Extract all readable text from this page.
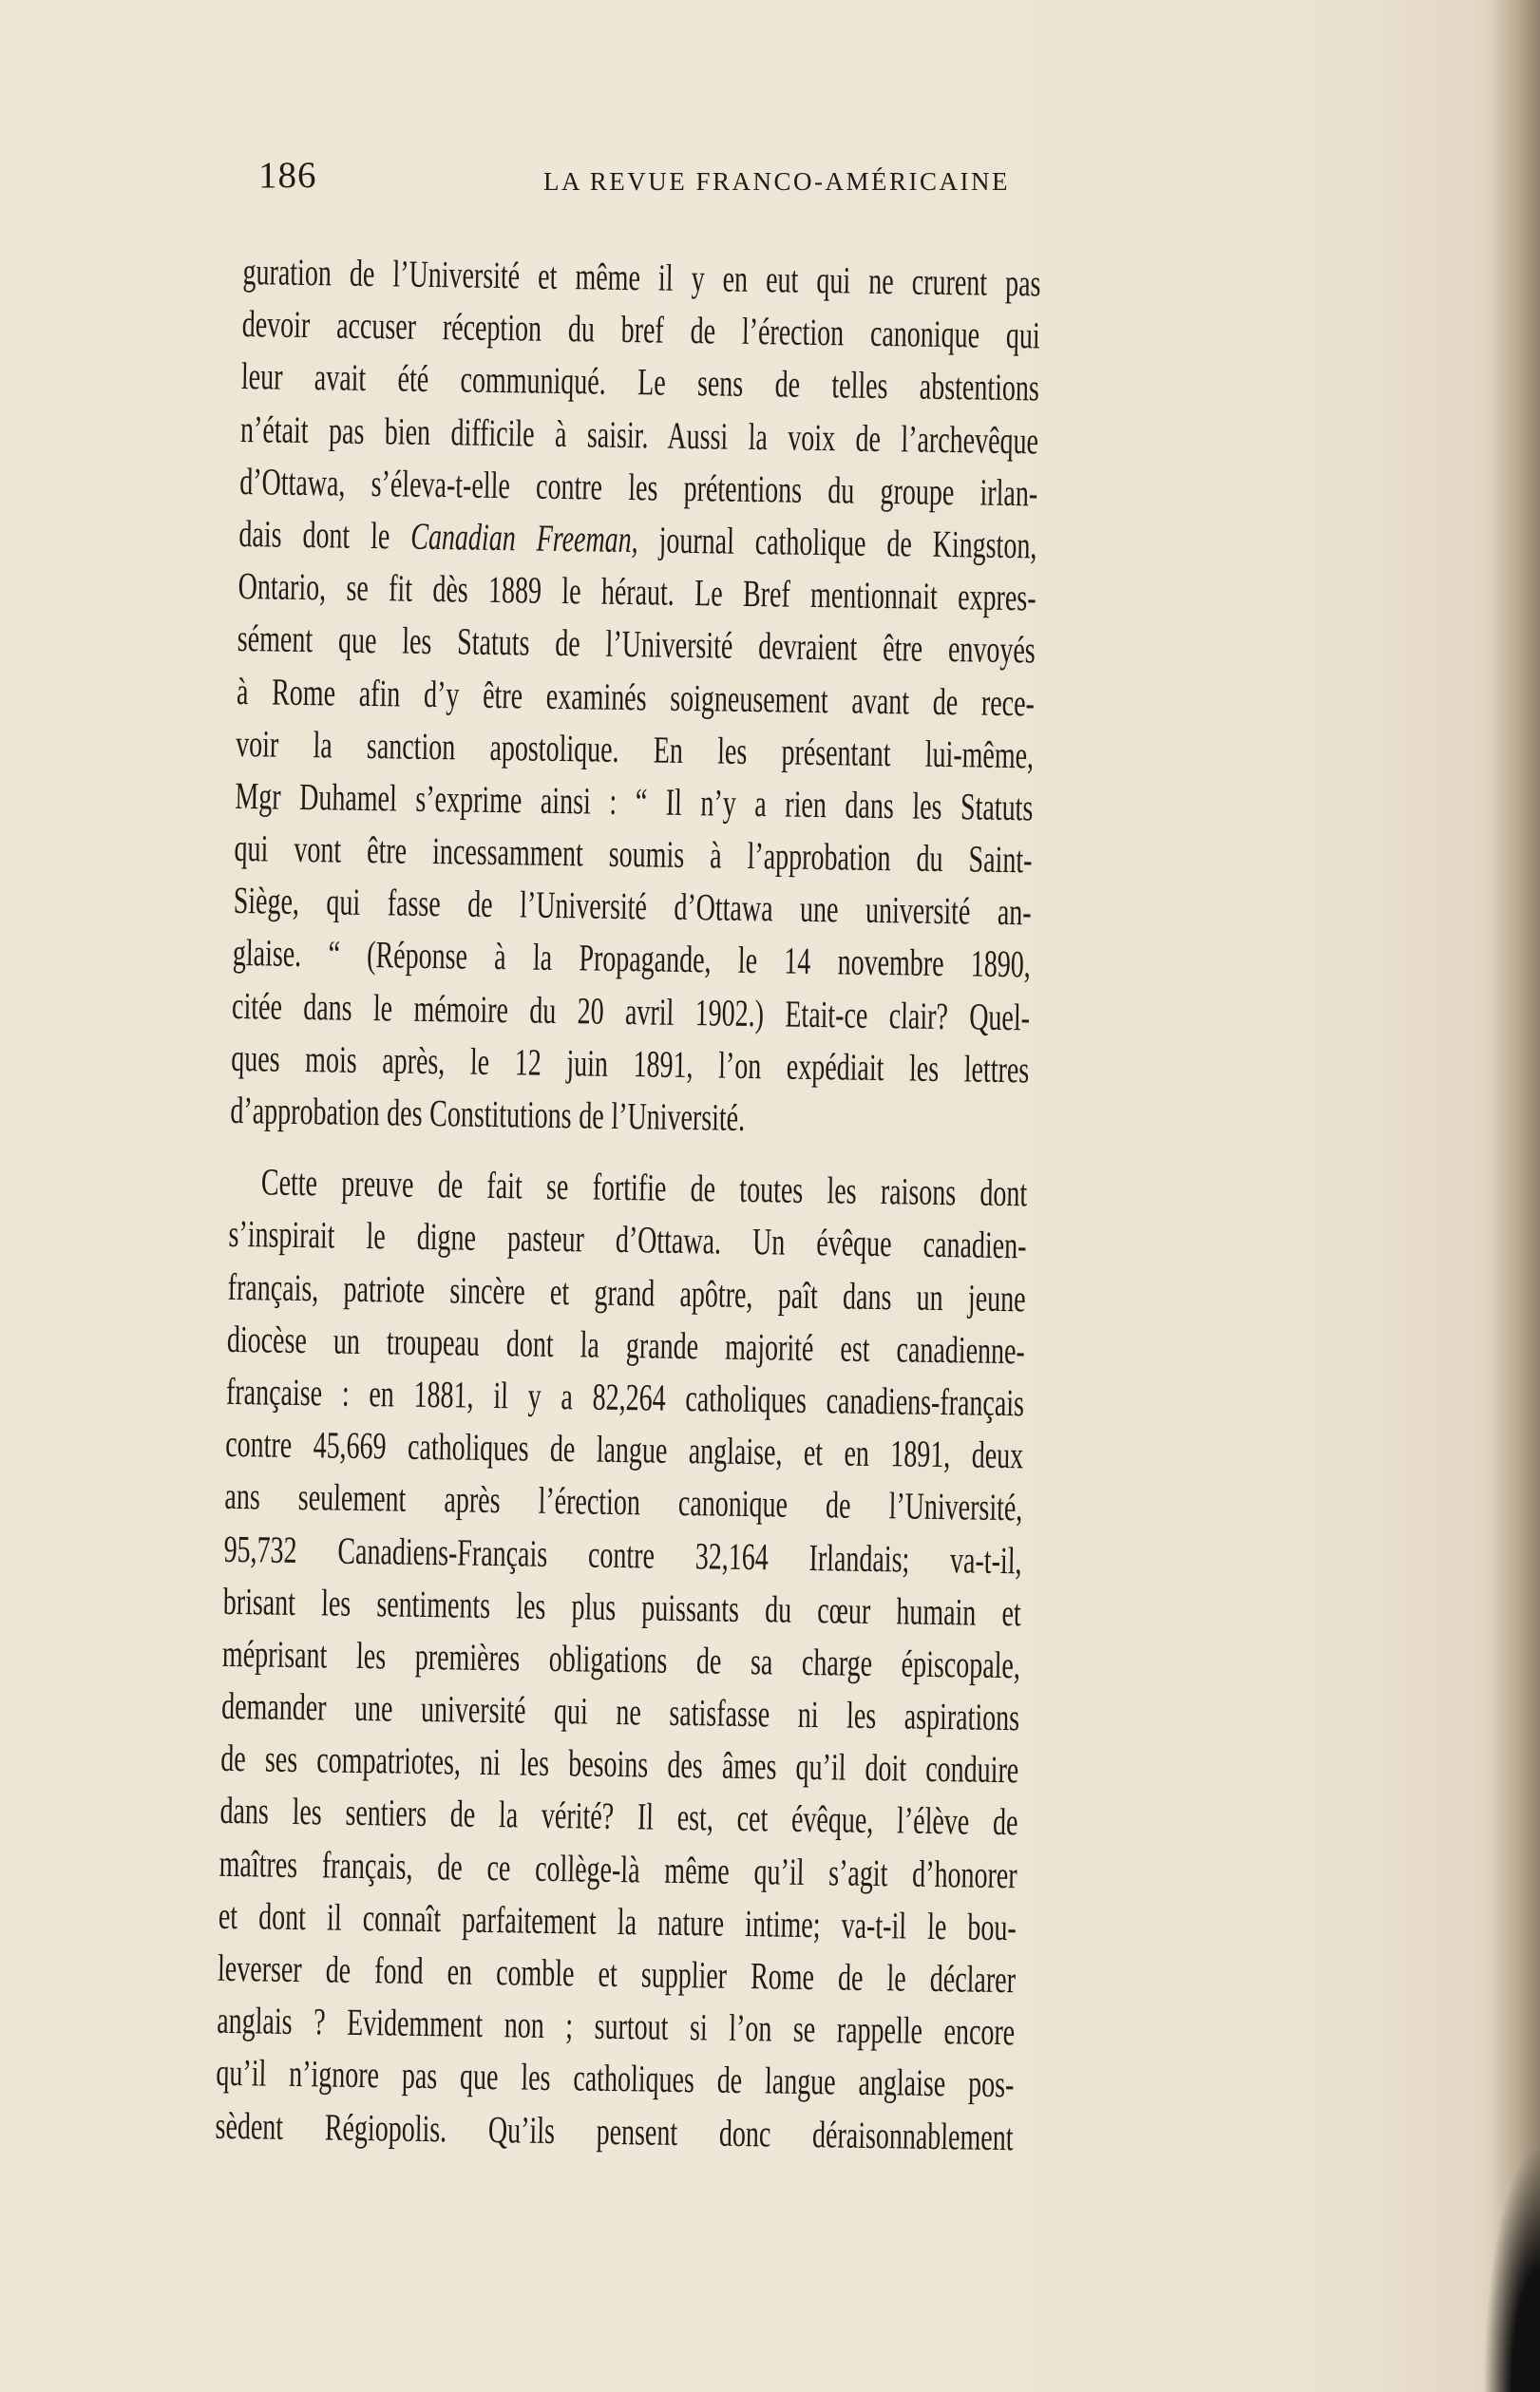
186	LA REVUE FRANCO-AMÉRICAINE
guration de l’Université et même il y en eut qui ne crurent pas
devoir accuser réception du bref de l’érection canonique qui
leur avait été communiqué. Le sens de telles abstentions
n’était pas bien difficile à saisir. Aussi la voix de l’archevêque
d’Ottawa, s’éleva-t-elle contre les prétentions du groupe irlan-
dais dont le Canadian Freeman, journal catholique de Kingston,
Ontario, se fit dès 1889 le héraut. Le Bref mentionnait expres-
sément que les Statuts de l’Université devraient être envoyés
à Rome afin d’y être examinés soigneusement avant de rece-
voir la sanction apostolique. En les présentant lui-même,
Mgr Duhamel s’exprime ainsi : “ Il n’y a rien dans les Statuts
qui vont être incessamment soumis à l’approbation du Saint-
Siège, qui fasse de l’Université d’Ottawa une université an-
glaise. “ (Réponse à la Propagande, le 14 novembre 1890,
citée dans le mémoire du 20 avril 1902.) Etait-ce clair? Quel-
ques mois après, le 12 juin 1891, l’on expédiait les lettres
d’approbation des Constitutions de l’Université.
Cette preuve de fait se fortifie de toutes les raisons dont
s’inspirait le digne pasteur d’Ottawa. Un évêque canadien-
français, patriote sincère et grand apôtre, paît dans un jeune
diocèse un troupeau dont la grande majorité est canadienne-
française : en 1881, il y a 82,264 catholiques canadiens-français
contre 45,669 catholiques de langue anglaise, et en 1891, deux
ans seulement après l’érection canonique de l’Université,
95,732 Canadiens-Français contre 32,164 Irlandais; va-t-il,
brisant les sentiments les plus puissants du cœur humain et
méprisant les premières obligations de sa charge épiscopale,
demander une université qui ne satisfasse ni les aspirations
de ses compatriotes, ni les besoins des âmes qu’il doit conduire
dans les sentiers de la vérité? Il est, cet évêque, l’élève de
maîtres français, de ce collège-là même qu’il s’agit d’honorer
et dont il connaît parfaitement la nature intime; va-t-il le bou-
leverser de fond en comble et supplier Rome de le déclarer
anglais ? Evidemment non ; surtout si l’on se rappelle encore
qu’il n’ignore pas que les catholiques de langue anglaise pos-
sèdent Régiopolis. Qu’ils pensent donc déraisonnablement
